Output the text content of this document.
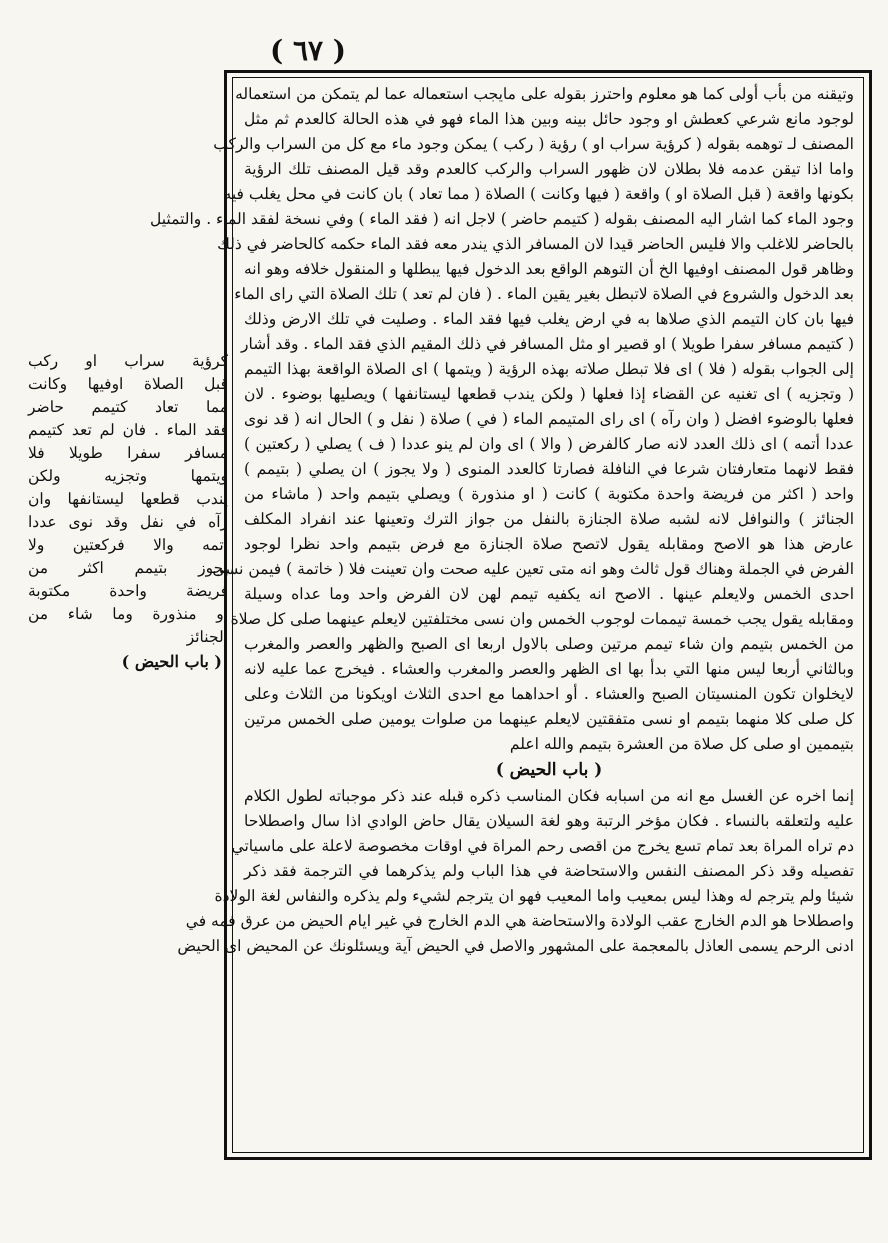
( ٦٧ )
وتيقنه من بأب أولى كما هو معلوم واحترز بقوله على مايجب استعماله عما لم يتمكن من استعماله
لوجود مانع شرعي كعطش او وجود حائل بينه وبين هذا الماء فهو في هذه الحالة كالعدم ثم مثل
المصنف لـ توهمه بقوله ( كرؤية سراب او ) رؤية ( ركب ) يمكن وجود ماء مع كل من السراب والركب
واما اذا تيقن عدمه فلا بطلان لان ظهور السراب والركب كالعدم وقد قيل المصنف تلك الرؤية
بكونها واقعة ( قبل الصلاة او ) واقعة ( فيها وكانت ) الصلاة ( مما تعاد ) بان كانت في محل يغلب فيه
وجود الماء كما اشار اليه المصنف بقوله ( كتيمم حاضر ) لاجل انه ( فقد الماء ) وفي نسخة لفقد الماء . والتمثيل
بالحاضر للاغلب والا فليس الحاضر قيدا لان المسافر الذي يندر معه فقد الماء حكمه كالحاضر في ذلك
وظاهر قول المصنف اوفيها الخ أن التوهم الواقع بعد الدخول فيها يبطلها و المنقول خلافه وهو انه
بعد الدخول والشروع في الصلاة لاتبطل بغير يقين الماء . ( فان لم تعد ) تلك الصلاة التي راى الماء
فيها بان كان التيمم الذي صلاها به في ارض يغلب فيها فقد الماء . وصليت في تلك الارض وذلك
( كتيمم مسافر سفرا طويلا ) او قصير او مثل المسافر في ذلك المقيم الذي فقد الماء . وقد أشار
إلى الجواب بقوله ( فلا ) اى فلا تبطل صلاته بهذه الرؤية ( ويتمها ) اى الصلاة الواقعة بهذا التيمم
( وتجزيه ) اى تغنيه عن القضاء إذا فعلها ( ولكن يندب قطعها ليستانفها ) ويصليها بوضوء . لان
فعلها بالوضوء افضل ( وان رآه ) اى راى المتيمم الماء ( في ) صلاة ( نفل و ) الحال انه ( قد نوى
عددا أتمه ) اى ذلك العدد لانه صار كالفرض ( والا ) اى وان لم ينو عددا ( ف ) يصلي ( ركعتين )
فقط لانهما متعارفتان شرعا في النافلة فصارتا كالعدد المنوى ( ولا يجوز ) ان يصلي ( بتيمم )
واحد ( اكثر من فريضة واحدة مكتوبة ) كانت ( او منذورة ) ويصلي بتيمم واحد ( ماشاء من
الجنائز ) والنوافل لانه لشبه صلاة الجنازة بالنفل من جواز الترك وتعينها عند انفراد المكلف
عارض هذا هو الاصح ومقابله يقول لاتصح صلاة الجنازة مع فرض بتيمم واحد نظرا لوجود
الفرض في الجملة وهناك قول ثالث وهو انه متى تعين عليه صحت وان تعينت فلا ( خاتمة ) فيمن نسى
احدى الخمس ولايعلم عينها . الاصح انه يكفيه تيمم لهن لان الفرض واحد وما عداه وسيلة
ومقابله يقول يجب خمسة تيممات لوجوب الخمس وان نسى مختلفتين لايعلم عينهما صلى كل صلاة
من الخمس بتيمم وان شاء تيمم مرتين وصلى بالاول اربعا اى الصبح والظهر والعصر والمغرب
وبالثاني أربعا ليس منها التي بدأ بها اى الظهر والعصر والمغرب والعشاء . فيخرج عما عليه لانه
لايخلوان تكون المنسيتان الصبح والعشاء . أو احداهما مع احدى الثلاث اويكونا من الثلاث وعلى
كل صلى كلا منهما بتيمم او نسى متفقتين لايعلم عينهما من صلوات يومين صلى الخمس مرتين
بتيممين او صلى كل صلاة من العشرة بتيمم والله اعلم
( باب الحيض )
إنما اخره عن الغسل مع انه من اسبابه فكان المناسب ذكره قبله عند ذكر موجباته لطول الكلام
عليه ولتعلقه بالنساء . فكان مؤخر الرتبة وهو لغة السيلان يقال حاض الوادي اذا سال واصطلاحا
دم تراه المراة بعد تمام تسع يخرج من اقصى رحم المراة في اوقات مخصوصة لاعلة على ماسياتي
تفصيله وقد ذكر المصنف النفس والاستحاضة في هذا الباب ولم يذكرهما في الترجمة فقد ذكر
شيئا ولم يترجم له وهذا ليس بمعيب واما المعيب فهو ان يترجم لشيء ولم يذكره والنفاس لغة الولادة
واصطلاحا هو الدم الخارج عقب الولادة والاستحاضة هي الدم الخارج في غير ايام الحيض من عرق فمه في
ادنى الرحم يسمى العاذل بالمعجمة على المشهور والاصل في الحيض آية ويسئلونك عن المحيض اى الحيض
كرؤية سراب او ركب
قبل الصلاة اوفيها وكانت
مما تعاد كتيمم حاضر
فقد الماء . فان لم تعد كتيمم
مسافر سفرا طويلا فلا
ويتمها وتجزيه ولكن
يندب قطعها ليستانفها وان
رآه في نفل وقد نوى عددا
أتمه والا فركعتين ولا
يجوز بتيمم اكثر من
فريضة واحدة مكتوبة
او منذورة وما شاء من
الجنائز
( باب الحيض )
